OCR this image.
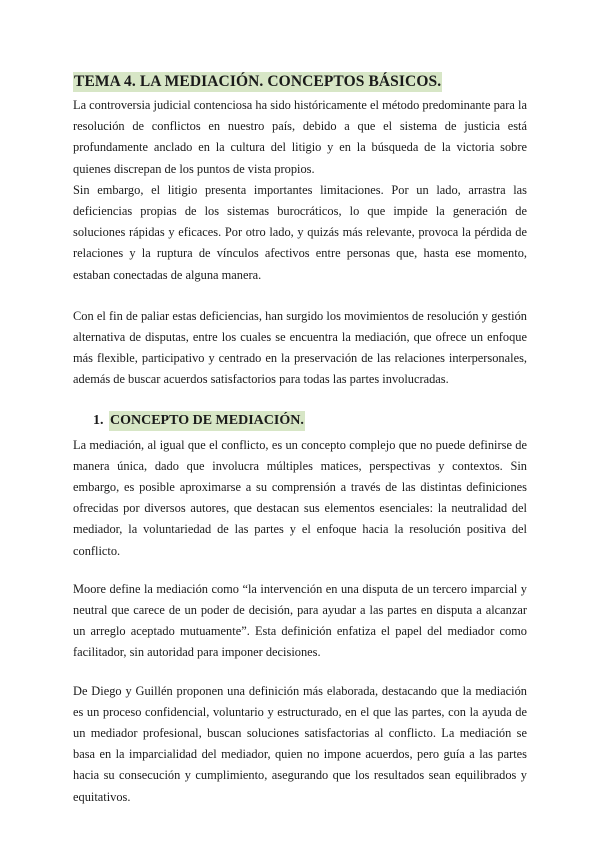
TEMA 4. LA MEDIACIÓN. CONCEPTOS BÁSICOS.

La controversia judicial contenciosa ha sido históricamente el método predominante para la resolución de conflictos en nuestro país, debido a que el sistema de justicia está profundamente anclado en la cultura del litigio y en la búsqueda de la victoria sobre quienes discrepan de los puntos de vista propios.

Sin embargo, el litigio presenta importantes limitaciones. Por un lado, arrastra las deficiencias propias de los sistemas burocráticos, lo que impide la generación de soluciones rápidas y eficaces. Por otro lado, y quizás más relevante, provoca la pérdida de relaciones y la ruptura de vínculos afectivos entre personas que, hasta ese momento, estaban conectadas de alguna manera.

Con el fin de paliar estas deficiencias, han surgido los movimientos de resolución y gestión alternativa de disputas, entre los cuales se encuentra la mediación, que ofrece un enfoque más flexible, participativo y centrado en la preservación de las relaciones interpersonales, además de buscar acuerdos satisfactorios para todas las partes involucradas.

1. CONCEPTO DE MEDIACIÓN.

La mediación, al igual que el conflicto, es un concepto complejo que no puede definirse de manera única, dado que involucra múltiples matices, perspectivas y contextos. Sin embargo, es posible aproximarse a su comprensión a través de las distintas definiciones ofrecidas por diversos autores, que destacan sus elementos esenciales: la neutralidad del mediador, la voluntariedad de las partes y el enfoque hacia la resolución positiva del conflicto.

Moore define la mediación como “la intervención en una disputa de un tercero imparcial y neutral que carece de un poder de decisión, para ayudar a las partes en disputa a alcanzar un arreglo aceptado mutuamente”. Esta definición enfatiza el papel del mediador como facilitador, sin autoridad para imponer decisiones.

De Diego y Guillén proponen una definición más elaborada, destacando que la mediación es un proceso confidencial, voluntario y estructurado, en el que las partes, con la ayuda de un mediador profesional, buscan soluciones satisfactorias al conflicto. La mediación se basa en la imparcialidad del mediador, quien no impone acuerdos, pero guía a las partes hacia su consecución y cumplimiento, asegurando que los resultados sean equilibrados y equitativos.
